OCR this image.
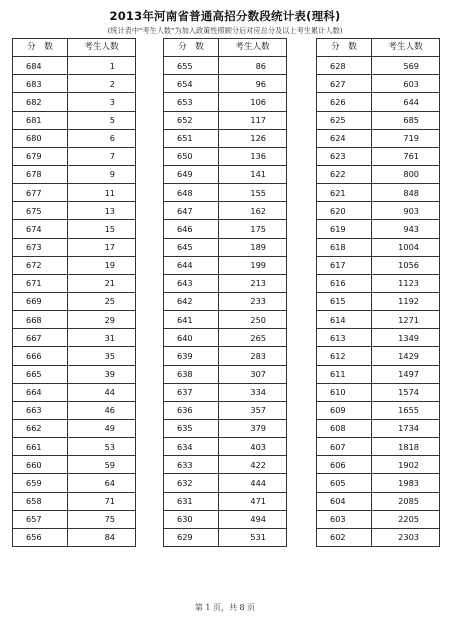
2013年河南省普通高招分数段统计表(理科)
(统计表中"考生人数"为加入政策性照顾分后对应总分及以上考生累计人数)
分　数	考生人数
684	1
683	2
682	3
681	5
680	6
679	7
678	9
677	11
675	13
674	15
673	17
672	19
671	21
669	25
668	29
667	31
666	35
665	39
664	44
663	46
662	49
661	53
660	59
659	64
658	71
657	75
656	84
分　数	考生人数
655	86
654	96
653	106
652	117
651	126
650	136
649	141
648	155
647	162
646	175
645	189
644	199
643	213
642	233
641	250
640	265
639	283
638	307
637	334
636	357
635	379
634	403
633	422
632	444
631	471
630	494
629	531
分　数	考生人数
628	569
627	603
626	644
625	685
624	719
623	761
622	800
621	848
620	903
619	943
618	1004
617	1056
616	1123
615	1192
614	1271
613	1349
612	1429
611	1497
610	1574
609	1655
608	1734
607	1818
606	1902
605	1983
604	2085
603	2205
602	2303
第 1 页，共 8 页
